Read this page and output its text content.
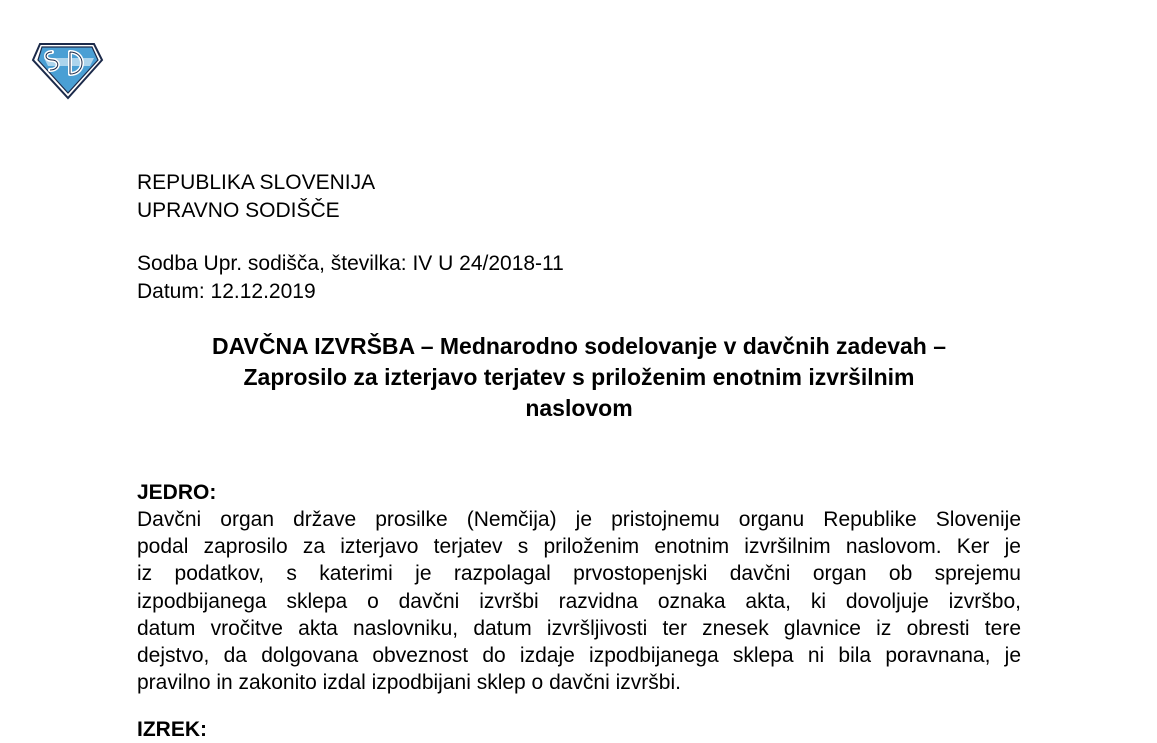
REPUBLIKA SLOVENIJA
UPRAVNO SODIŠČE
Sodba Upr. sodišča, številka: IV U 24/2018-11
Datum: 12.12.2019
DAVČNA IZVRŠBA – Mednarodno sodelovanje v davčnih zadevah –
Zaprosilo za izterjavo terjatev s priloženim enotnim izvršilnim
naslovom
JEDRO:
Davčni organ države prosilke (Nemčija) je pristojnemu organu Republike Slovenije
podal zaprosilo za izterjavo terjatev s priloženim enotnim izvršilnim naslovom. Ker je
iz podatkov, s katerimi je razpolagal prvostopenjski davčni organ ob sprejemu
izpodbijanega sklepa o davčni izvršbi razvidna oznaka akta, ki dovoljuje izvršbo,
datum vročitve akta naslovniku, datum izvršljivosti ter znesek glavnice iz obresti tere
dejstvo, da dolgovana obveznost do izdaje izpodbijanega sklepa ni bila poravnana, je
pravilno in zakonito izdal izpodbijani sklep o davčni izvršbi.
IZREK:
